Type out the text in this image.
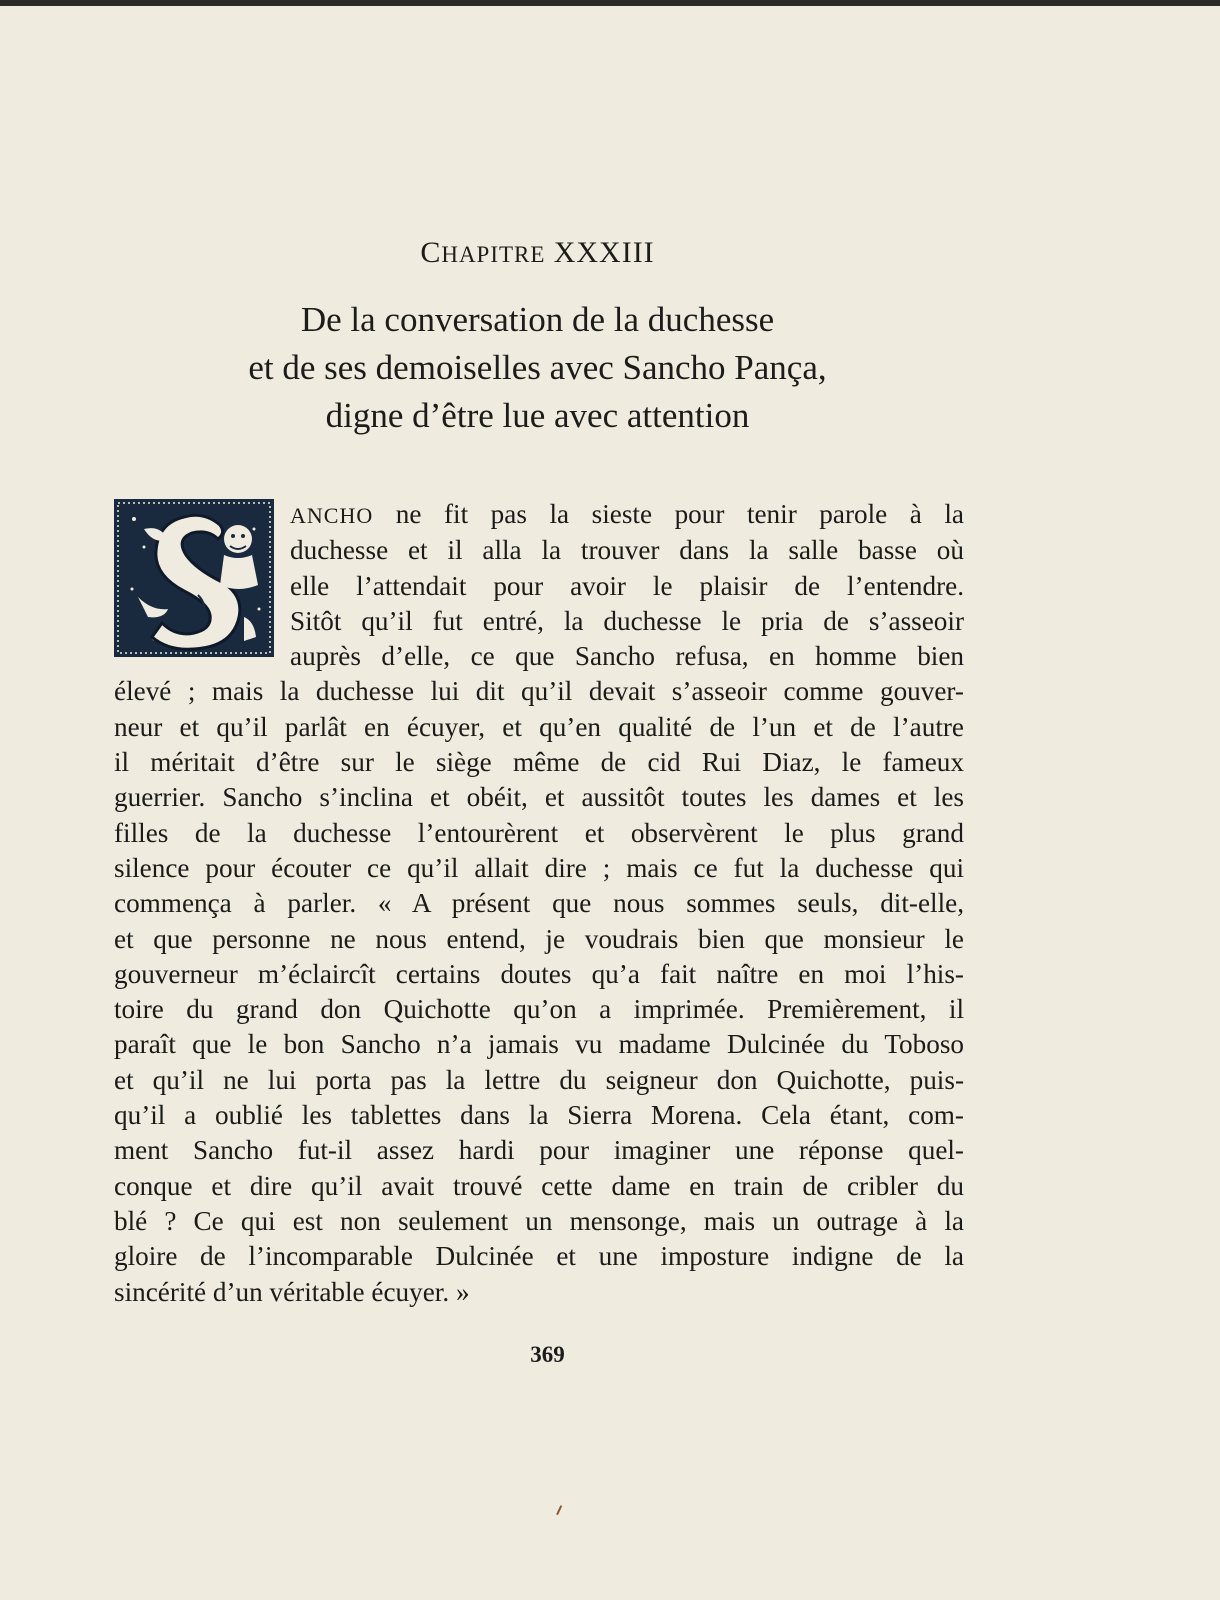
CHAPITRE XXXIII
De la conversation de la duchesse
et de ses demoiselles avec Sancho Pança,
digne d’être lue avec attention
ANCHO ne fit pas la sieste pour tenir parole à la
duchesse et il alla la trouver dans la salle basse où
elle l’attendait pour avoir le plaisir de l’entendre.
Sitôt qu’il fut entré, la duchesse le pria de s’asseoir
auprès d’elle, ce que Sancho refusa, en homme bien
élevé ; mais la duchesse lui dit qu’il devait s’asseoir comme gouver-
neur et qu’il parlât en écuyer, et qu’en qualité de l’un et de l’autre
il méritait d’être sur le siège même de cid Rui Diaz, le fameux
guerrier. Sancho s’inclina et obéit, et aussitôt toutes les dames et les
filles de la duchesse l’entourèrent et observèrent le plus grand
silence pour écouter ce qu’il allait dire ; mais ce fut la duchesse qui
commença à parler. « A présent que nous sommes seuls, dit-elle,
et que personne ne nous entend, je voudrais bien que monsieur le
gouverneur m’éclaircît certains doutes qu’a fait naître en moi l’his-
toire du grand don Quichotte qu’on a imprimée. Premièrement, il
paraît que le bon Sancho n’a jamais vu madame Dulcinée du Toboso
et qu’il ne lui porta pas la lettre du seigneur don Quichotte, puis-
qu’il a oublié les tablettes dans la Sierra Morena. Cela étant, com-
ment Sancho fut-il assez hardi pour imaginer une réponse quel-
conque et dire qu’il avait trouvé cette dame en train de cribler du
blé ? Ce qui est non seulement un mensonge, mais un outrage à la
gloire de l’incomparable Dulcinée et une imposture indigne de la
sincérité d’un véritable écuyer. »
369
